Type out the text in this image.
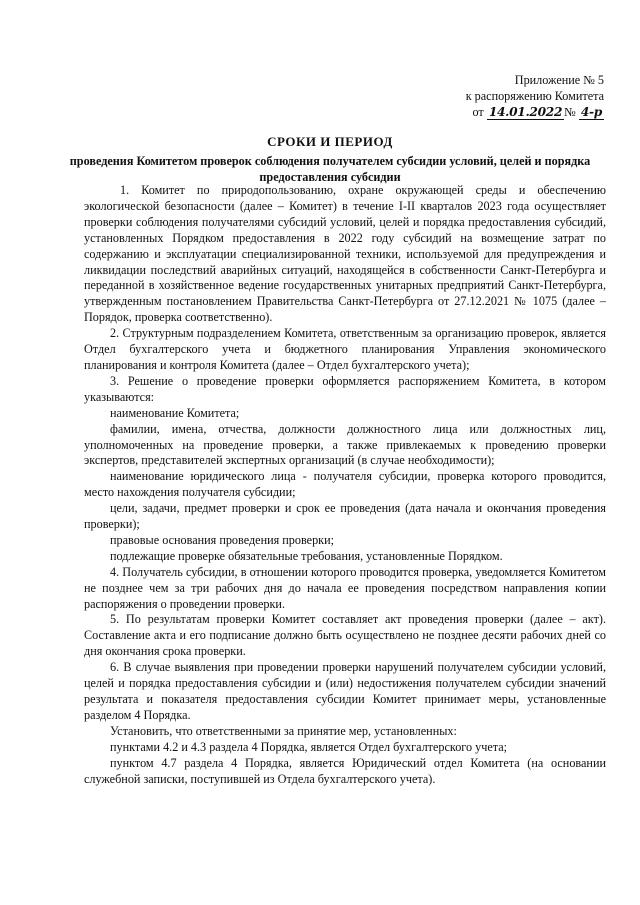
Приложение № 5
к распоряжению Комитета
от 14.01.2022 № 4-р
СРОКИ И ПЕРИОД
проведения Комитетом проверок соблюдения получателем субсидии условий, целей и порядка предоставления субсидии

1. Комитет по природопользованию, охране окружающей среды и обеспечению экологической безопасности (далее – Комитет) в течение I-II кварталов 2023 года осуществляет проверки соблюдения получателями субсидий условий, целей и порядка предоставления субсидий, установленных Порядком предоставления в 2022 году субсидий на возмещение затрат по содержанию и эксплуатации специализированной техники, используемой для предупреждения и ликвидации последствий аварийных ситуаций, находящейся в собственности Санкт-Петербурга и переданной в хозяйственное ведение государственных унитарных предприятий Санкт-Петербурга, утвержденным постановлением Правительства Санкт-Петербурга от 27.12.2021 № 1075 (далее – Порядок, проверка соответственно).

2. Структурным подразделением Комитета, ответственным за организацию проверок, является Отдел бухгалтерского учета и бюджетного планирования Управления экономического планирования и контроля Комитета (далее – Отдел бухгалтерского учета);

3. Решение о проведение проверки оформляется распоряжением Комитета, в котором указываются:

наименование Комитета;

фамилии, имена, отчества, должности должностного лица или должностных лиц, уполномоченных на проведение проверки, а также привлекаемых к проведению проверки экспертов, представителей экспертных организаций (в случае необходимости);

наименование юридического лица - получателя субсидии, проверка которого проводится, место нахождения получателя субсидии;

цели, задачи, предмет проверки и срок ее проведения (дата начала и окончания проведения проверки);

правовые основания проведения проверки;

подлежащие проверке обязательные требования, установленные Порядком.

4. Получатель субсидии, в отношении которого проводится проверка, уведомляется Комитетом не позднее чем за три рабочих дня до начала ее проведения посредством направления копии распоряжения о проведении проверки.

5. По результатам проверки Комитет составляет акт проведения проверки (далее – акт). Составление акта и его подписание должно быть осуществлено не позднее десяти рабочих дней со дня окончания срока проверки.

6. В случае выявления при проведении проверки нарушений получателем субсидии условий, целей и порядка предоставления субсидии и (или) недостижения получателем субсидии значений результата и показателя предоставления субсидии Комитет принимает меры, установленные разделом 4 Порядка.

Установить, что ответственными за принятие мер, установленных:

пунктами 4.2 и 4.3 раздела 4 Порядка, является Отдел бухгалтерского учета;

пунктом 4.7 раздела 4 Порядка, является Юридический отдел Комитета (на основании служебной записки, поступившей из Отдела бухгалтерского учета).
